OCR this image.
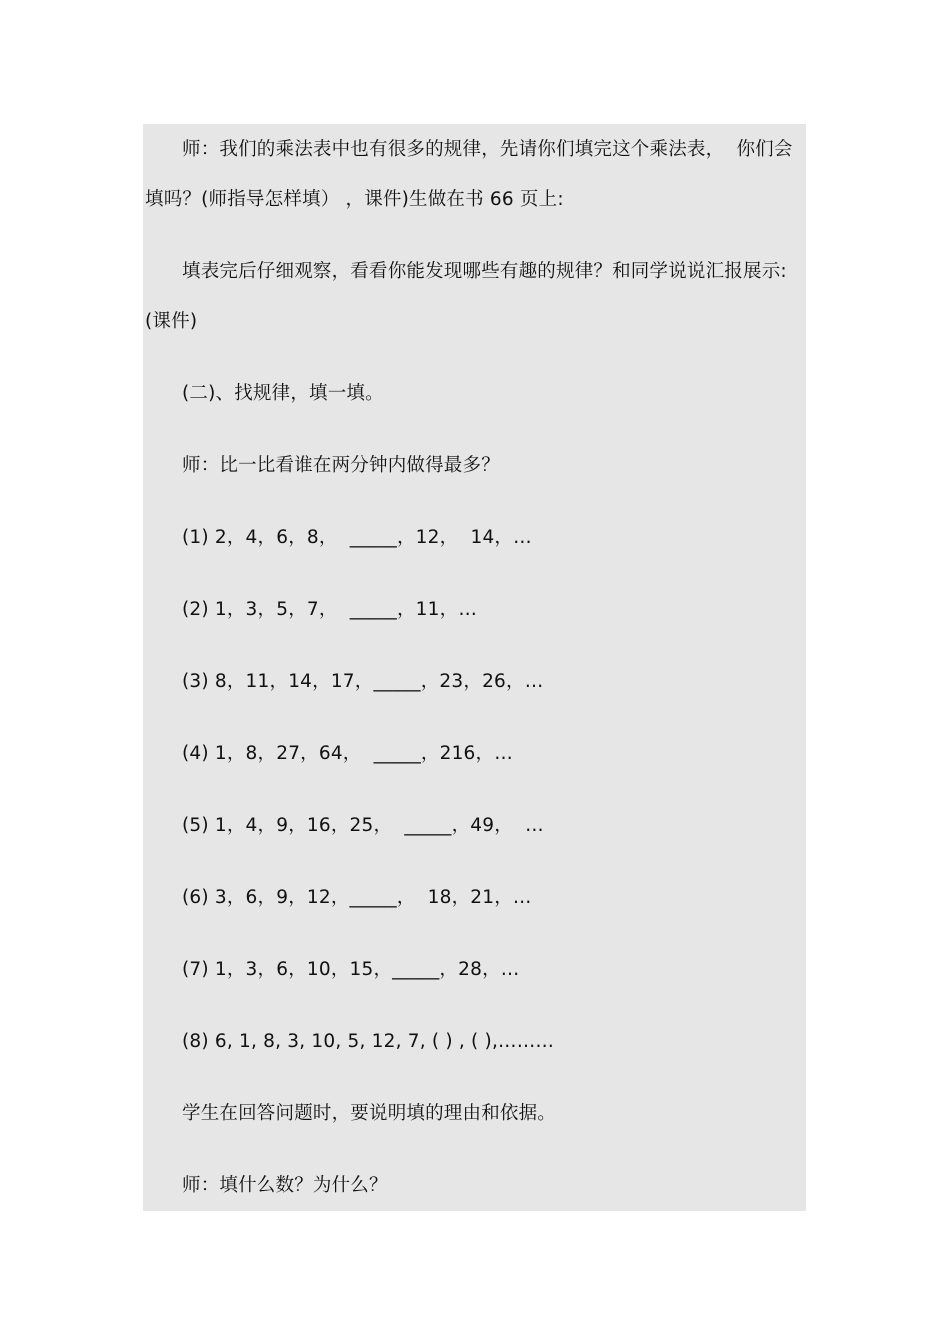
师：我们的乘法表中也有很多的规律，先请你们填完这个乘法表，  你们会
填吗？(师指导怎样填） ，课件)生做在书 66 页上:
填表完后仔细观察，看看你能发现哪些有趣的规律？和同学说说汇报展示:
(课件)
(二)、找规律，填一填。
师：比一比看谁在两分钟内做得最多？
(1) 2，4，6，8，  _____，12，  14，…
(2) 1，3，5，7，  _____，11，…
(3) 8，11，14，17，_____，23，26，…
(4) 1，8，27，64，  _____，216，…
(5) 1，4，9，16，25，  _____，49，  …
(6) 3，6，9，12，_____，  18，21，…
(7) 1，3，6，10，15，_____，28，…
(8) 6, 1, 8, 3, 10, 5, 12, 7, ( ) , ( ),………
学生在回答问题时，要说明填的理由和依据。
师：填什么数？为什么？
